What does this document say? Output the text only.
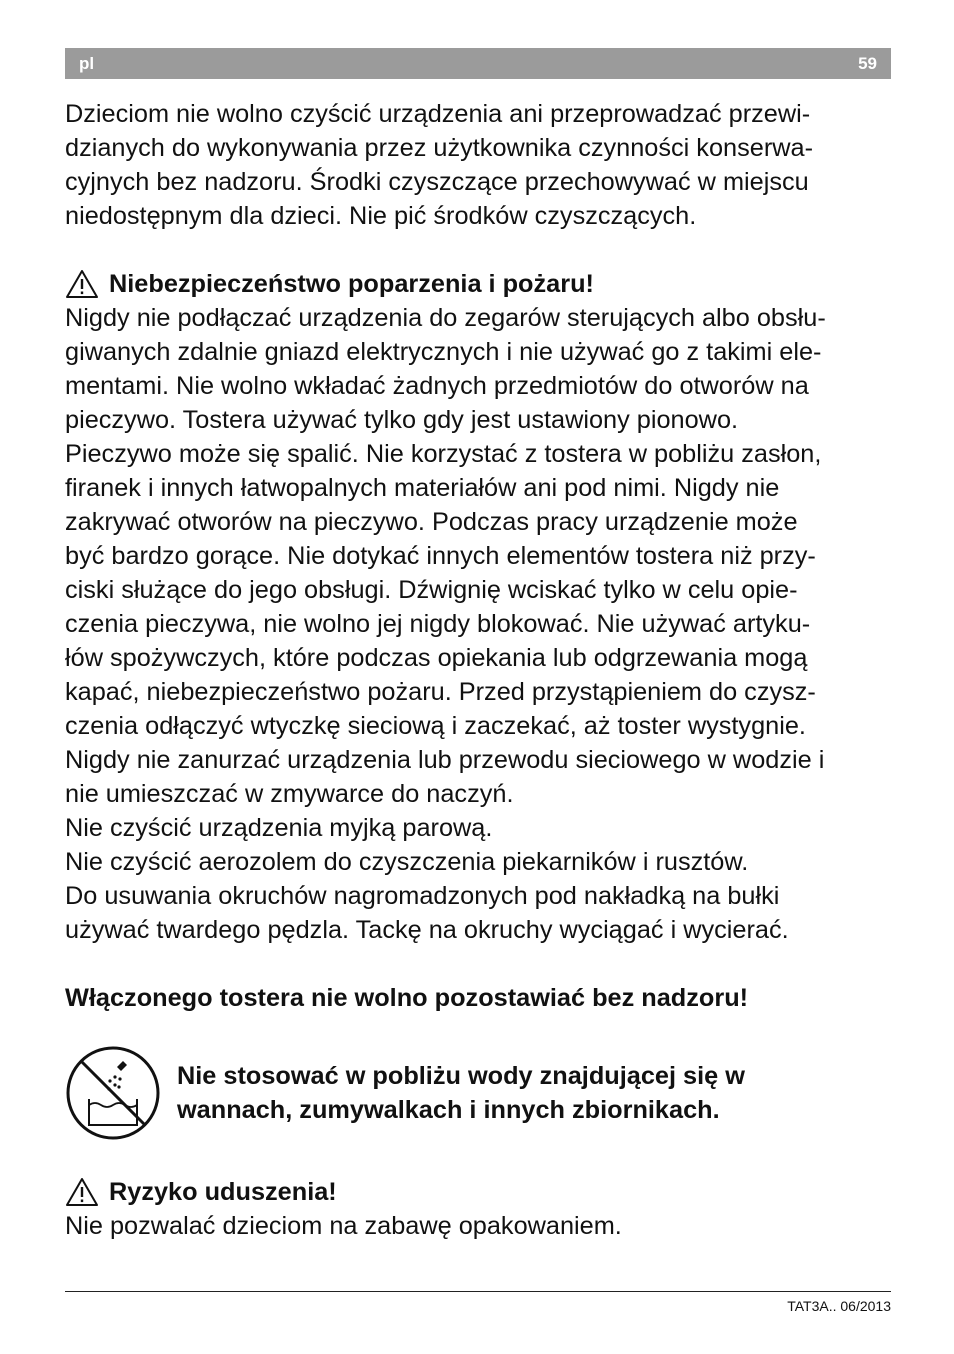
pl	59

Dzieciom nie wolno czyścić urządzenia ani przeprowadzać przewi-

dzianych do wykonywania przez użytkownika czynności konserwa-

cyjnych bez nadzoru. Środki czyszczące przechowywać w miejscu

niedostępnym dla dzieci. Nie pić środków czyszczących.

Niebezpieczeństwo poparzenia i pożaru!

Nigdy nie podłączać urządzenia do zegarów sterujących albo obsłu-

giwanych zdalnie gniazd elektrycznych i nie używać go z takimi ele-

mentami. Nie wolno wkładać żadnych przedmiotów do otworów na

pieczywo. Tostera używać tylko gdy jest ustawiony pionowo.

Pieczywo może się spalić. Nie korzystać z tostera w pobliżu zasłon,

firanek i innych łatwopalnych materiałów ani pod nimi. Nigdy nie

zakrywać otworów na pieczywo. Podczas pracy urządzenie może

być bardzo gorące. Nie dotykać innych elementów tostera niż przy-

ciski służące do jego obsługi. Dźwignię wciskać tylko w celu opie-

czenia pieczywa, nie wolno jej nigdy blokować. Nie używać artyku-

łów spożywczych, które podczas opiekania lub odgrzewania mogą

kapać, niebezpieczeństwo pożaru. Przed przystąpieniem do czysz-

czenia odłączyć wtyczkę sieciową i zaczekać, aż toster wystygnie.

Nigdy nie zanurzać urządzenia lub przewodu sieciowego w wodzie i

nie umieszczać w zmywarce do naczyń.

Nie czyścić urządzenia myjką parową.

Nie czyścić aerozolem do czyszczenia piekarników i rusztów.

Do usuwania okruchów nagromadzonych pod nakładką na bułki

używać twardego pędzla. Tackę na okruchy wyciągać i wycierać.

Włączonego tostera nie wolno pozostawiać bez nadzoru!

Nie stosować w pobliżu wody znajdującej się w

wannach, zumywalkach i innych zbiornikach.

Ryzyko uduszenia!

Nie pozwalać dzieciom na zabawę opakowaniem.

TAT3A.. 06/2013
